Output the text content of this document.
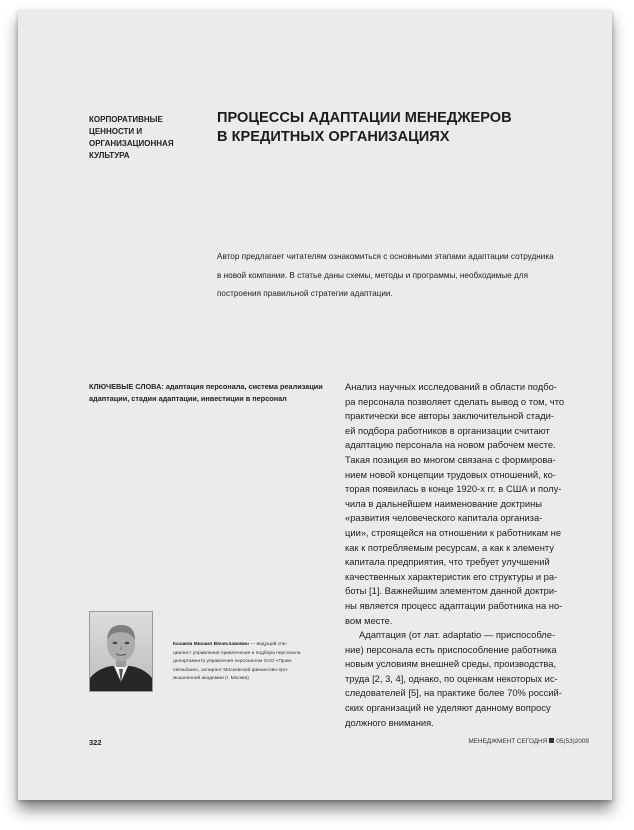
КОРПОРАТИВНЫЕ
ЦЕННОСТИ И
ОРГАНИЗАЦИОННАЯ
КУЛЬТУРА
ПРОЦЕССЫ АДАПТАЦИИ МЕНЕДЖЕРОВ
В КРЕДИТНЫХ ОРГАНИЗАЦИЯХ
Автор предлагает читателям ознакомиться с основными этапами адаптации сотрудника
в новой компании. В статье даны схемы, методы и программы, необходимые для
построения правильной стратегии адаптации.
КЛЮЧЕВЫЕ СЛОВА: адаптация персонала, система реализации
адаптации, стадии адаптации, инвестиции в персонал
Анализ научных исследований в области подбо-
ра персонала позволяет сделать вывод о том, что
практически все авторы заключительной стади-
ей подбора работников в организации считают
адаптацию персонала на новом рабочем месте.
Такая позиция во многом связана с формирова-
нием новой концепции трудовых отношений, ко-
торая появилась в конце 1920-х гг. в США и полу-
чила в дальнейшем наименование доктрины
«развития человеческого капитала организа-
ции», строящейся на отношении к работникам не
как к потребляемым ресурсам, а как к элементу
капитала предприятия, что требует улучшений
качественных характеристик его структуры и ра-
боты [1]. Важнейшим элементом данной доктри-
ны является процесс адаптации работника на но-
вом месте.
Адаптация (от лат. adaptatio — приспособле-
ние) персонала есть приспособление работника
новым условиям внешней среды, производства,
труда [2, 3, 4], однако, по оценкам некоторых ис-
следователей [5], на практике более 70% россий-
ских организаций не уделяют данному вопросу
должного внимания.
Казаков Михаил Вячеславович — ведущий спе-
циалист управления привлечения и подбора персонала
департамента управления персоналом ОАО «Пром-
связьбанк», аспирант Московской финансово-про-
мышленной академии (г. Москва)
322	МЕНЕДЖМЕНТ СЕГОДНЯ 05(53)2009
